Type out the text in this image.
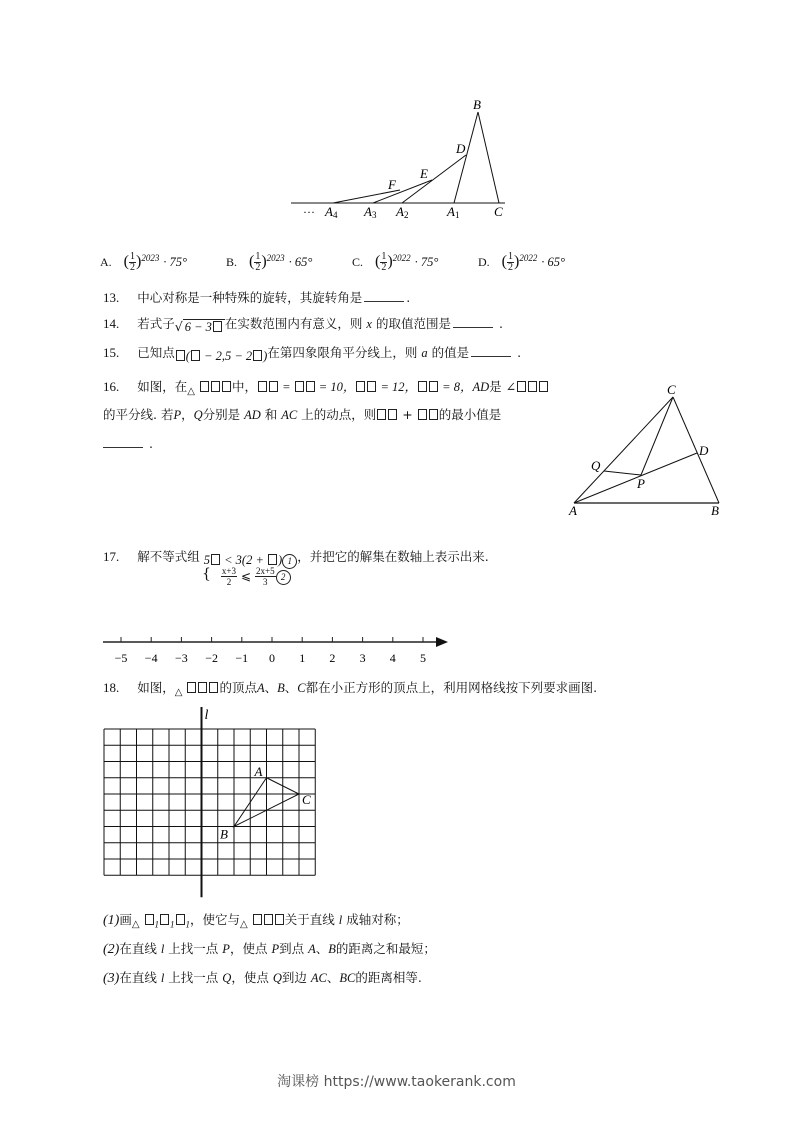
B
D
E
F
··· A4 A3 A2	A1	C
A. ( $\frac{1}{2} )^{2023} \cdot 75^\circ$	B. ( $\frac{1}{2} )^{2023} \cdot 65^\circ$	C. ( $\frac{1}{2} )^{2022} \cdot 75^\circ$	D. ( $\frac{1}{2} )^{2022} \cdot 65^\circ$
13. 中心对称是一种特殊的旋转，其旋转角是	.
14. 若式子√ 6 − 3 在实数范围内有意义，则 x 的取值范围是	.
15. 已知点 ( − 2,5 − 2 )在第四象限角平分线上，则 a 的值是	.
16. 如图，在$_\triangle$	中， =  = 10， = 12， = 8，AD是 ∠
的平分线. 若P，Q分别是 AD 和 AC 上的动点，则 + 的最小值是
.
C
D
Q
P
A	B
17. 解不等式组 5 < 3(2 + ) 1 ，并把它的解集在数轴上表示出来.
{ $\frac{x+3}{2}$ ⩽ $\frac{2x+5}{3} 2$
−5 −4 −3 −2 −1 0 1 2 3 4 5
18. 如图，$_\triangle$	的顶点A、B、C都在小正方形的顶点上，利用网格线按下列要求画图.
l
A
B
C
(1)画$_\triangle$ $_1$ $_1$ $_1$，使它与$_\triangle$	关于直线 l 成轴对称；
(2)在直线 l 上找一点 P，使点 P到点 A、B的距离之和最短；
(3)在直线 l 上找一点 Q，使点 Q到边 AC、BC的距离相等.
淘课榜 https://www.taokerank.com
